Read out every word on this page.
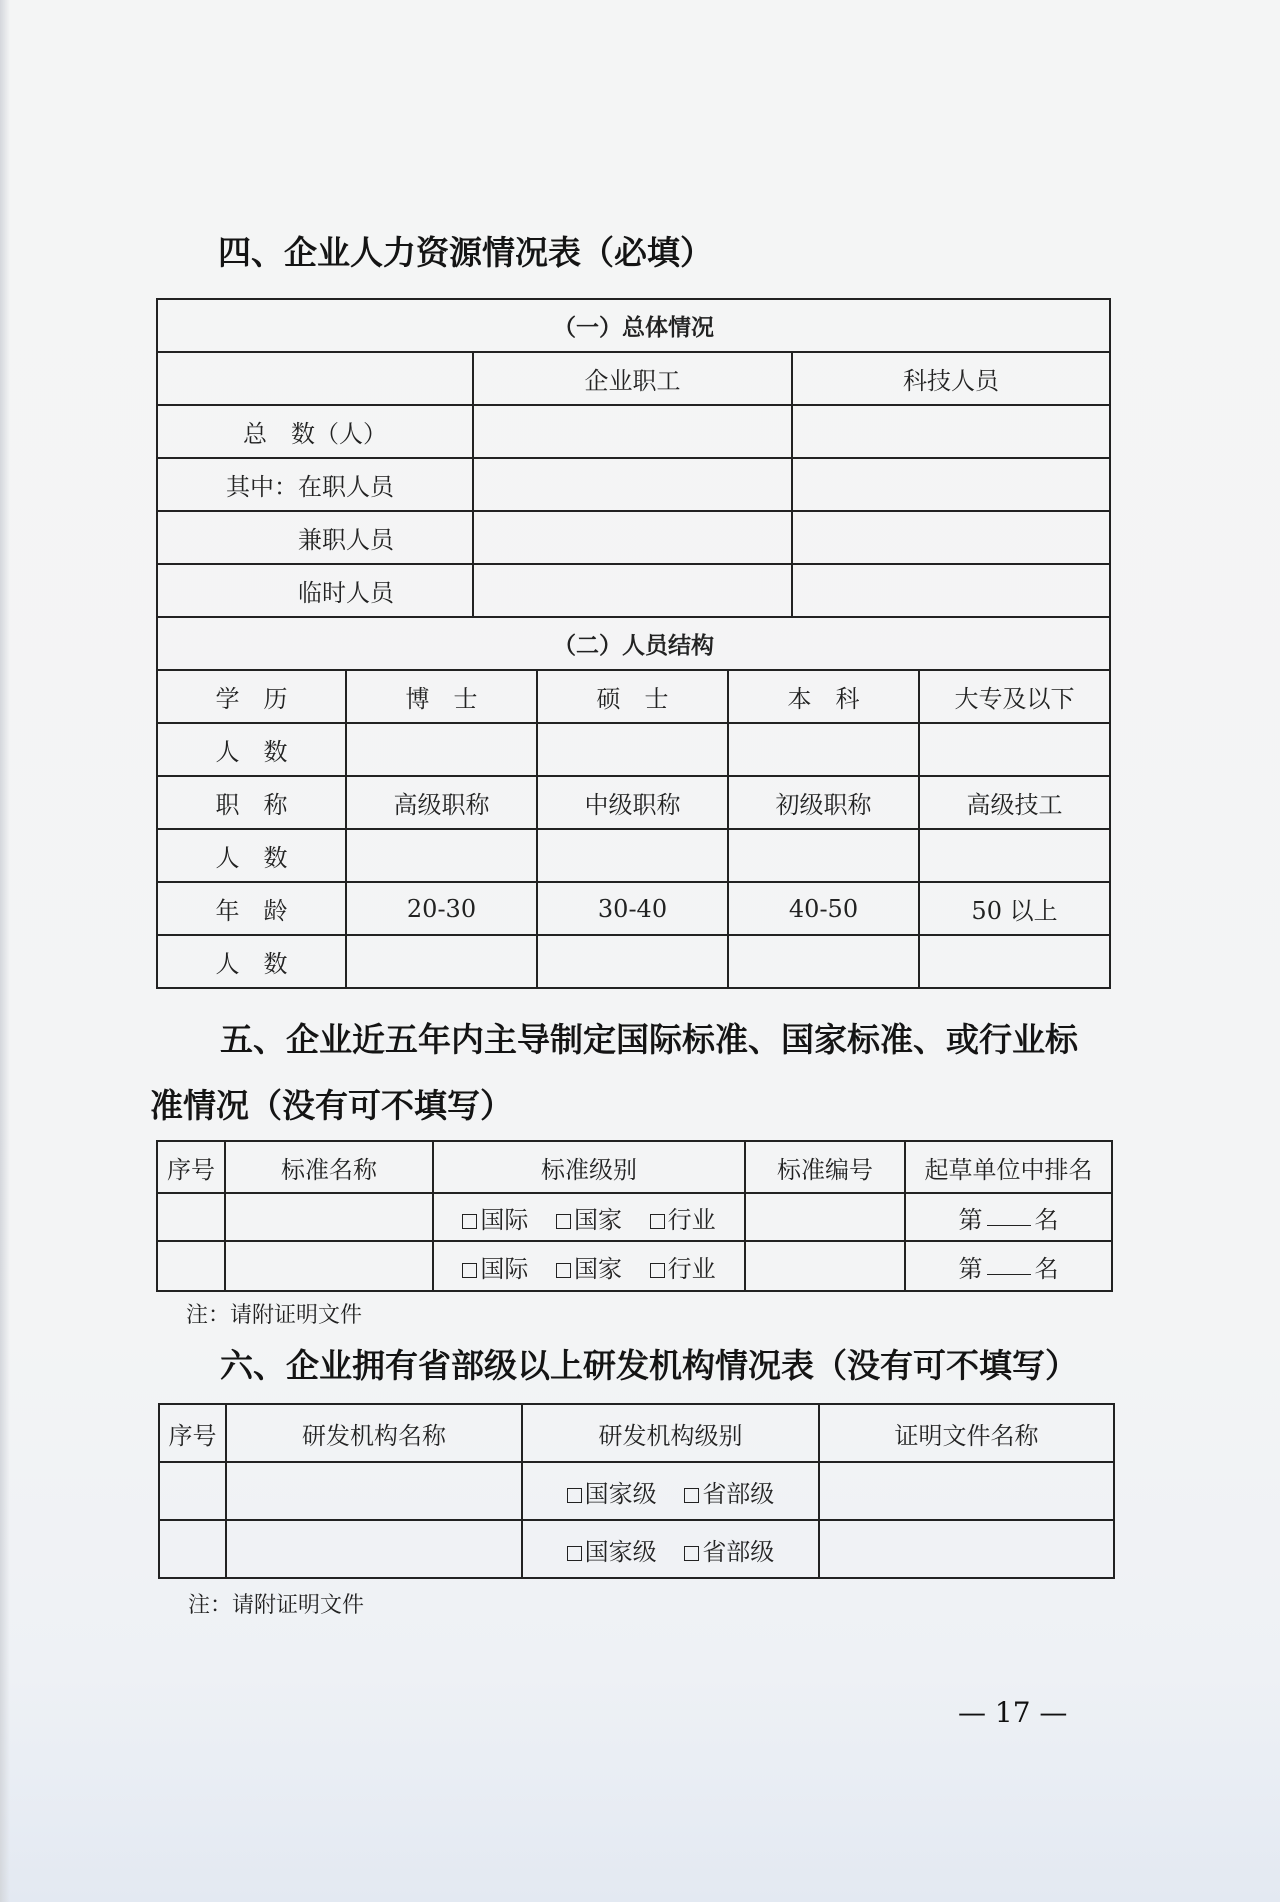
四、企业人力资源情况表（必填）
（一）总体情况		
	企业职工	科技人员
总　数（人）		
其中：在职人员		
兼职人员		
临时人员		
（二）人员结构				
学　历	博　士	硕　士	本　科	大专及以下
人　数				
职　称	高级职称	中级职称	初级职称	高级技工
人　数				
年　龄	20-30	30-40	40-50	50 以上
人　数				
五、企业近五年内主导制定国际标准、国家标准、或行业标
准情况（没有可不填写）
序号	标准名称	标准级别	标准编号	起草单位中排名
		国际 国家 行业		第 名
		国际 国家 行业		第 名
注：请附证明文件
六、企业拥有省部级以上研发机构情况表（没有可不填写）
序号	研发机构名称	研发机构级别	证明文件名称
		国家级 省部级	
		国家级 省部级	
注：请附证明文件
— 17 —
